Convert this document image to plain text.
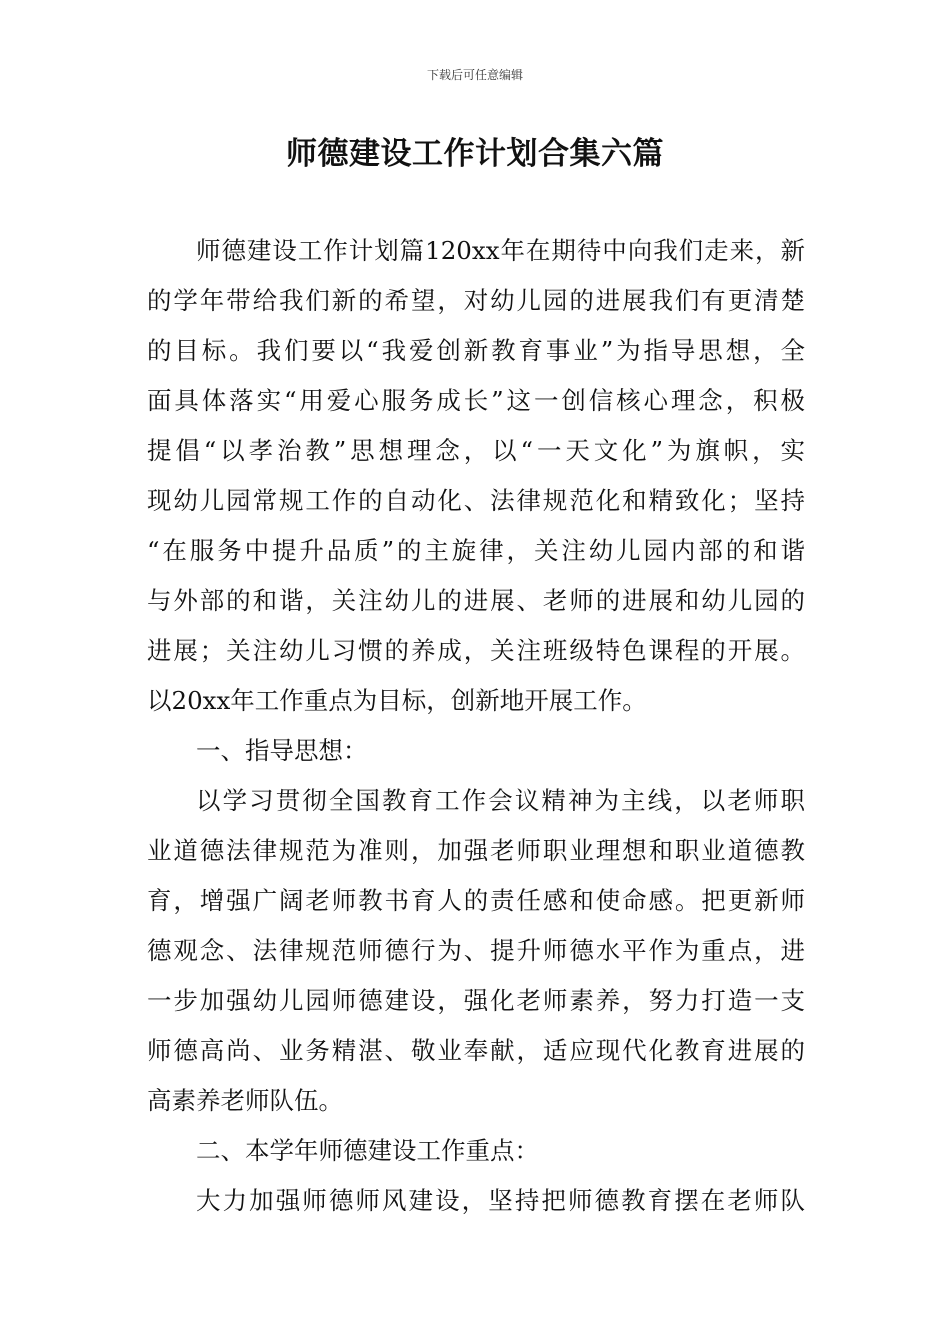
下载后可任意编辑
师德建设工作计划合集六篇
师德建设工作计划篇120xx年在期待中向我们走来，新
的学年带给我们新的希望，对幼儿园的进展我们有更清楚
的目标。我们要以“我爱创新教育事业”为指导思想，全
面具体落实“用爱心服务成长”这一创信核心理念，积极
提倡“以孝治教”思想理念，以“一天文化”为旗帜，实
现幼儿园常规工作的自动化、法律规范化和精致化；坚持
“在服务中提升品质”的主旋律，关注幼儿园内部的和谐
与外部的和谐，关注幼儿的进展、老师的进展和幼儿园的
进展；关注幼儿习惯的养成，关注班级特色课程的开展。
以20xx年工作重点为目标，创新地开展工作。
一、指导思想：
以学习贯彻全国教育工作会议精神为主线，以老师职
业道德法律规范为准则，加强老师职业理想和职业道德教
育，增强广阔老师教书育人的责任感和使命感。把更新师
德观念、法律规范师德行为、提升师德水平作为重点，进
一步加强幼儿园师德建设，强化老师素养，努力打造一支
师德高尚、业务精湛、敬业奉献，适应现代化教育进展的
高素养老师队伍。
二、本学年师德建设工作重点：
大力加强师德师风建设，坚持把师德教育摆在老师队
